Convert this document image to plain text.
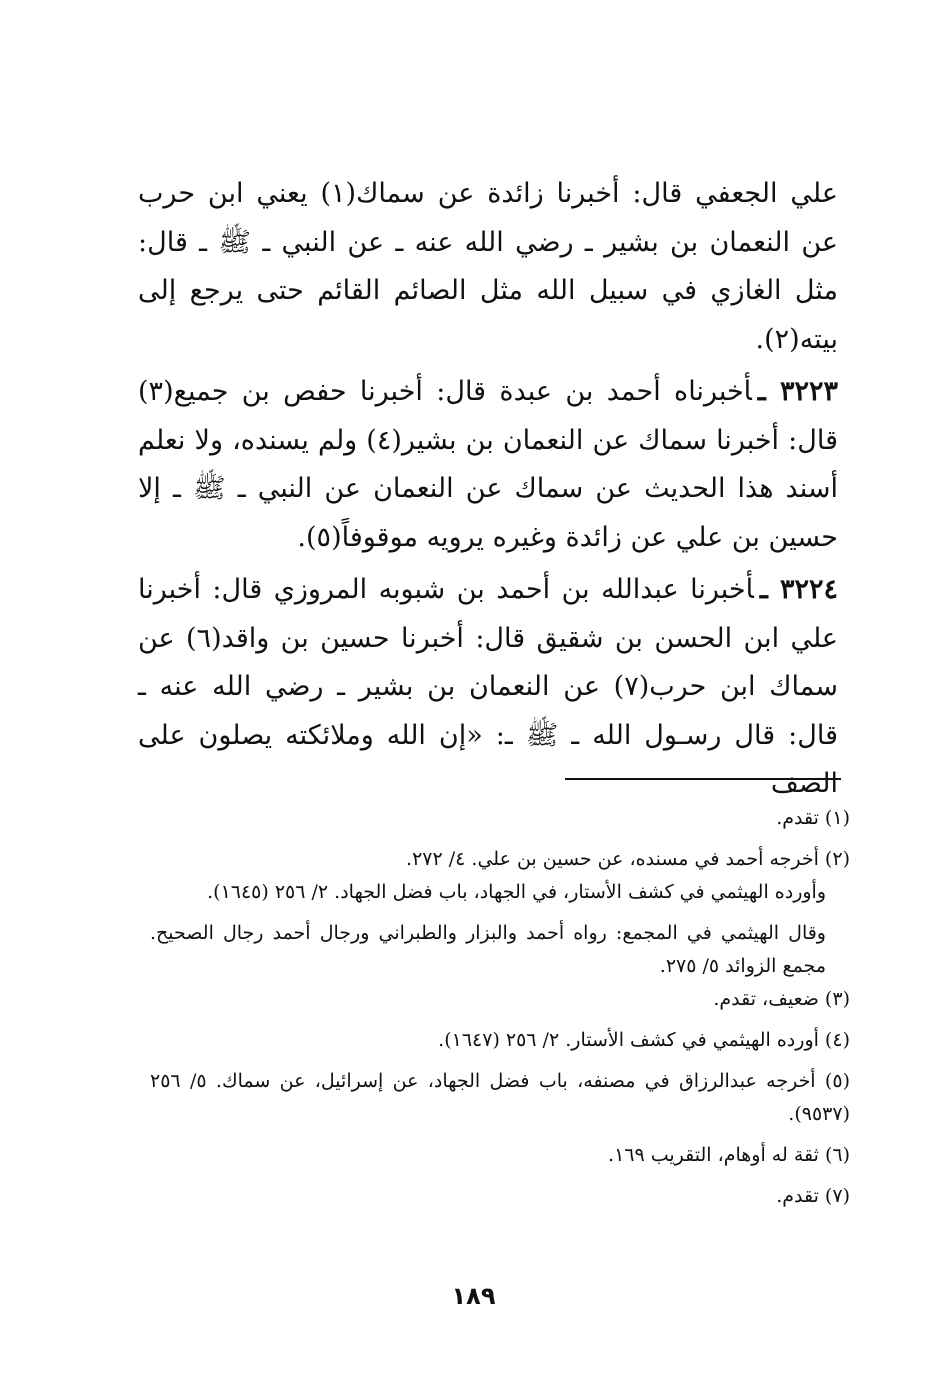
علي الجعفي قال: أخبرنا زائدة عن سماك(١) يعني ابن حرب عن النعمان بن بشير ـ رضي الله عنه ـ عن النبي ـ ﷺ ـ قال: مثل الغازي في سبيل الله مثل الصائم القائم حتى يرجع إلى بيته(٢).

٣٢٢٣ ـأخبرناه أحمد بن عبدة قال: أخبرنا حفص بن جميع(٣) قال: أخبرنا سماك عن النعمان بن بشير(٤) ولم يسنده، ولا نعلم أسند هذا الحديث عن سماك عن النعمان عن النبي ـ ﷺ ـ إلا حسين بن علي عن زائدة وغيره يرويه موقوفاً(٥).

٣٢٢٤ ـأخبرنا عبدالله بن أحمد بن شبوبه المروزي قال: أخبرنا علي ابن الحسن بن شقيق قال: أخبرنا حسين بن واقد(٦) عن سماك ابن حرب(٧) عن النعمان بن بشير ـ رضي الله عنه ـ قال: قال رسـول الله ـ ﷺ ـ: «إن الله وملائكته يصلون على الصف

(١) تقدم.

(٢) أخرجه أحمد في مسنده، عن حسين بن علي. ٤/ ٢٧٢.

وأورده الهيثمي في كشف الأستار، في الجهاد، باب فضل الجهاد. ٢/ ٢٥٦ (١٦٤٥).

وقال الهيثمي في المجمع: رواه أحمد والبزار والطبراني ورجال أحمد رجال الصحيح. مجمع الزوائد ٥/ ٢٧٥.

(٣) ضعيف، تقدم.

(٤) أورده الهيثمي في كشف الأستار. ٢/ ٢٥٦ (١٦٤٧).

(٥) أخرجه عبدالرزاق في مصنفه، باب فضل الجهاد، عن إسرائيل، عن سماك. ٥/ ٢٥٦ (٩٥٣٧).

(٦) ثقة له أوهام، التقريب ١٦٩.

(٧) تقدم.

١٨٩
